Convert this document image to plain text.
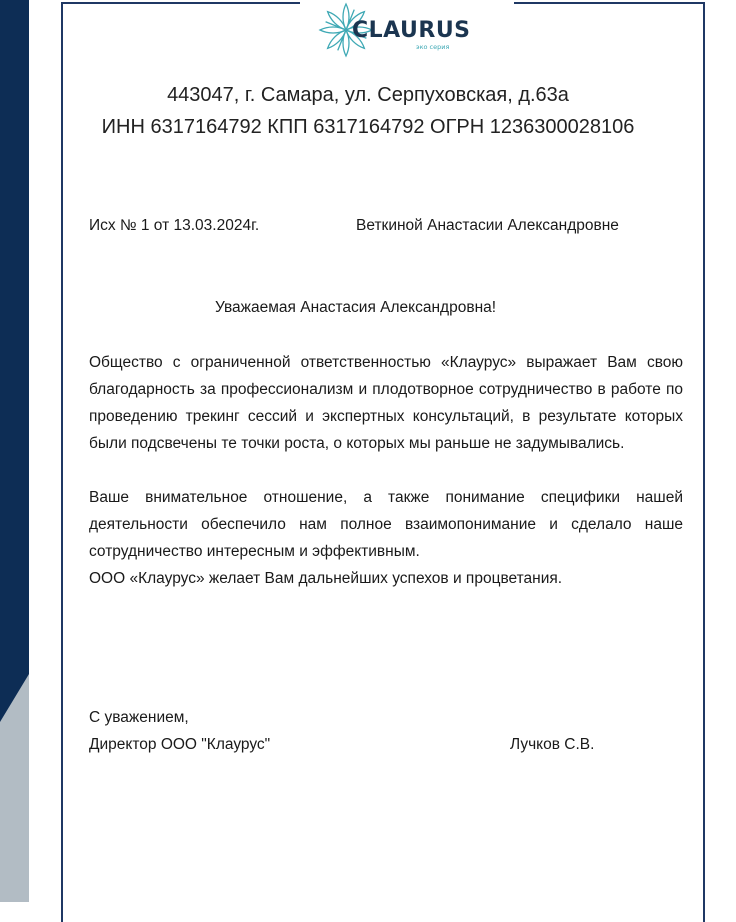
CLAURUS
эко серия
443047, г. Самара, ул. Серпуховская, д.63а
ИНН 6317164792 КПП 6317164792 ОГРН 1236300028106
Исх № 1 от 13.03.2024г.	Веткиной Анастасии Александровне
Уважаемая Анастасия Александровна!

Общество с ограниченной ответственностью «Клаурус» выражает Вам свою благодарность за профессионализм и плодотворное сотрудничество в работе по проведению трекинг сессий и экспертных консультаций, в результате которых были подсвечены те точки роста, о которых мы раньше не задумывались.

Ваше внимательное отношение, а также понимание специфики нашей деятельности обеспечило нам полное взаимопонимание и сделало наше сотрудничество интересным и эффективным.

ООО «Клаурус» желает Вам дальнейших успехов и процветания.

С уважением,
Директор ООО "Клаурус"	Лучков С.В.
